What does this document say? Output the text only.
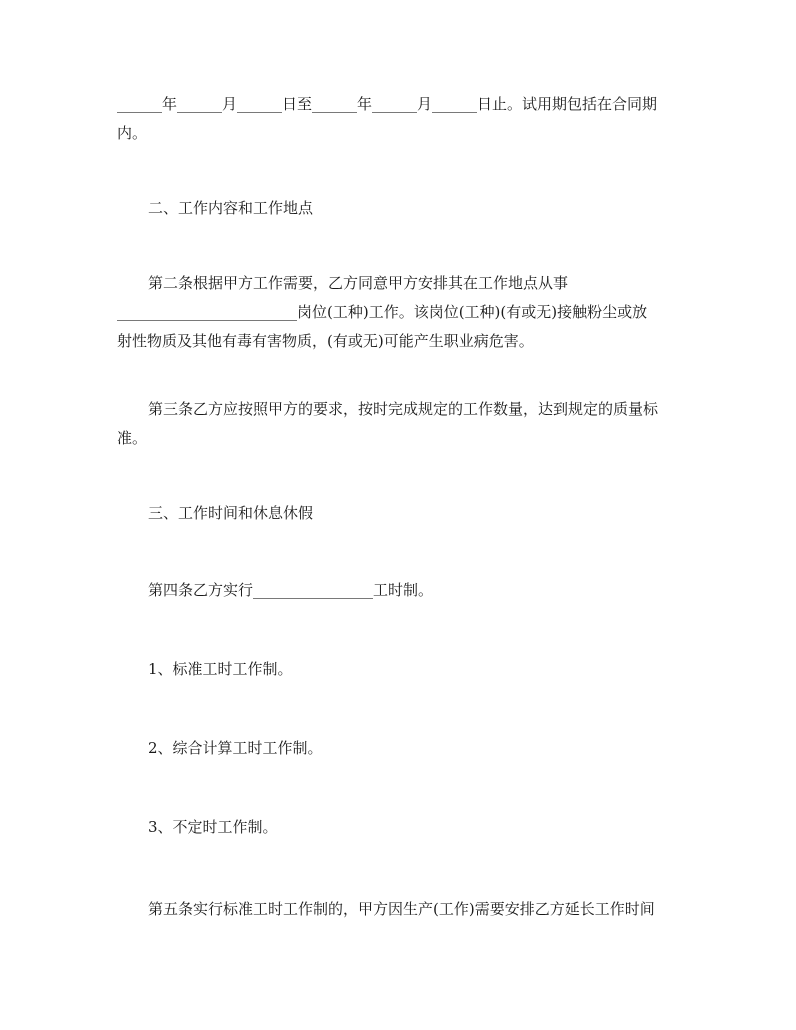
______年______月______日至______年______月______日止。试用期包括在合同期
内。

二、工作内容和工作地点

第二条根据甲方工作需要，乙方同意甲方安排其在工作地点从事
________________________岗位(工种)工作。该岗位(工种)(有或无)接触粉尘或放
射性物质及其他有毒有害物质，(有或无)可能产生职业病危害。

第三条乙方应按照甲方的要求，按时完成规定的工作数量，达到规定的质量标
准。

三、工作时间和休息休假

第四条乙方实行________________工时制。

1、标准工时工作制。

2、综合计算工时工作制。

3、不定时工作制。

第五条实行标准工时工作制的，甲方因生产(工作)需要安排乙方延长工作时间
